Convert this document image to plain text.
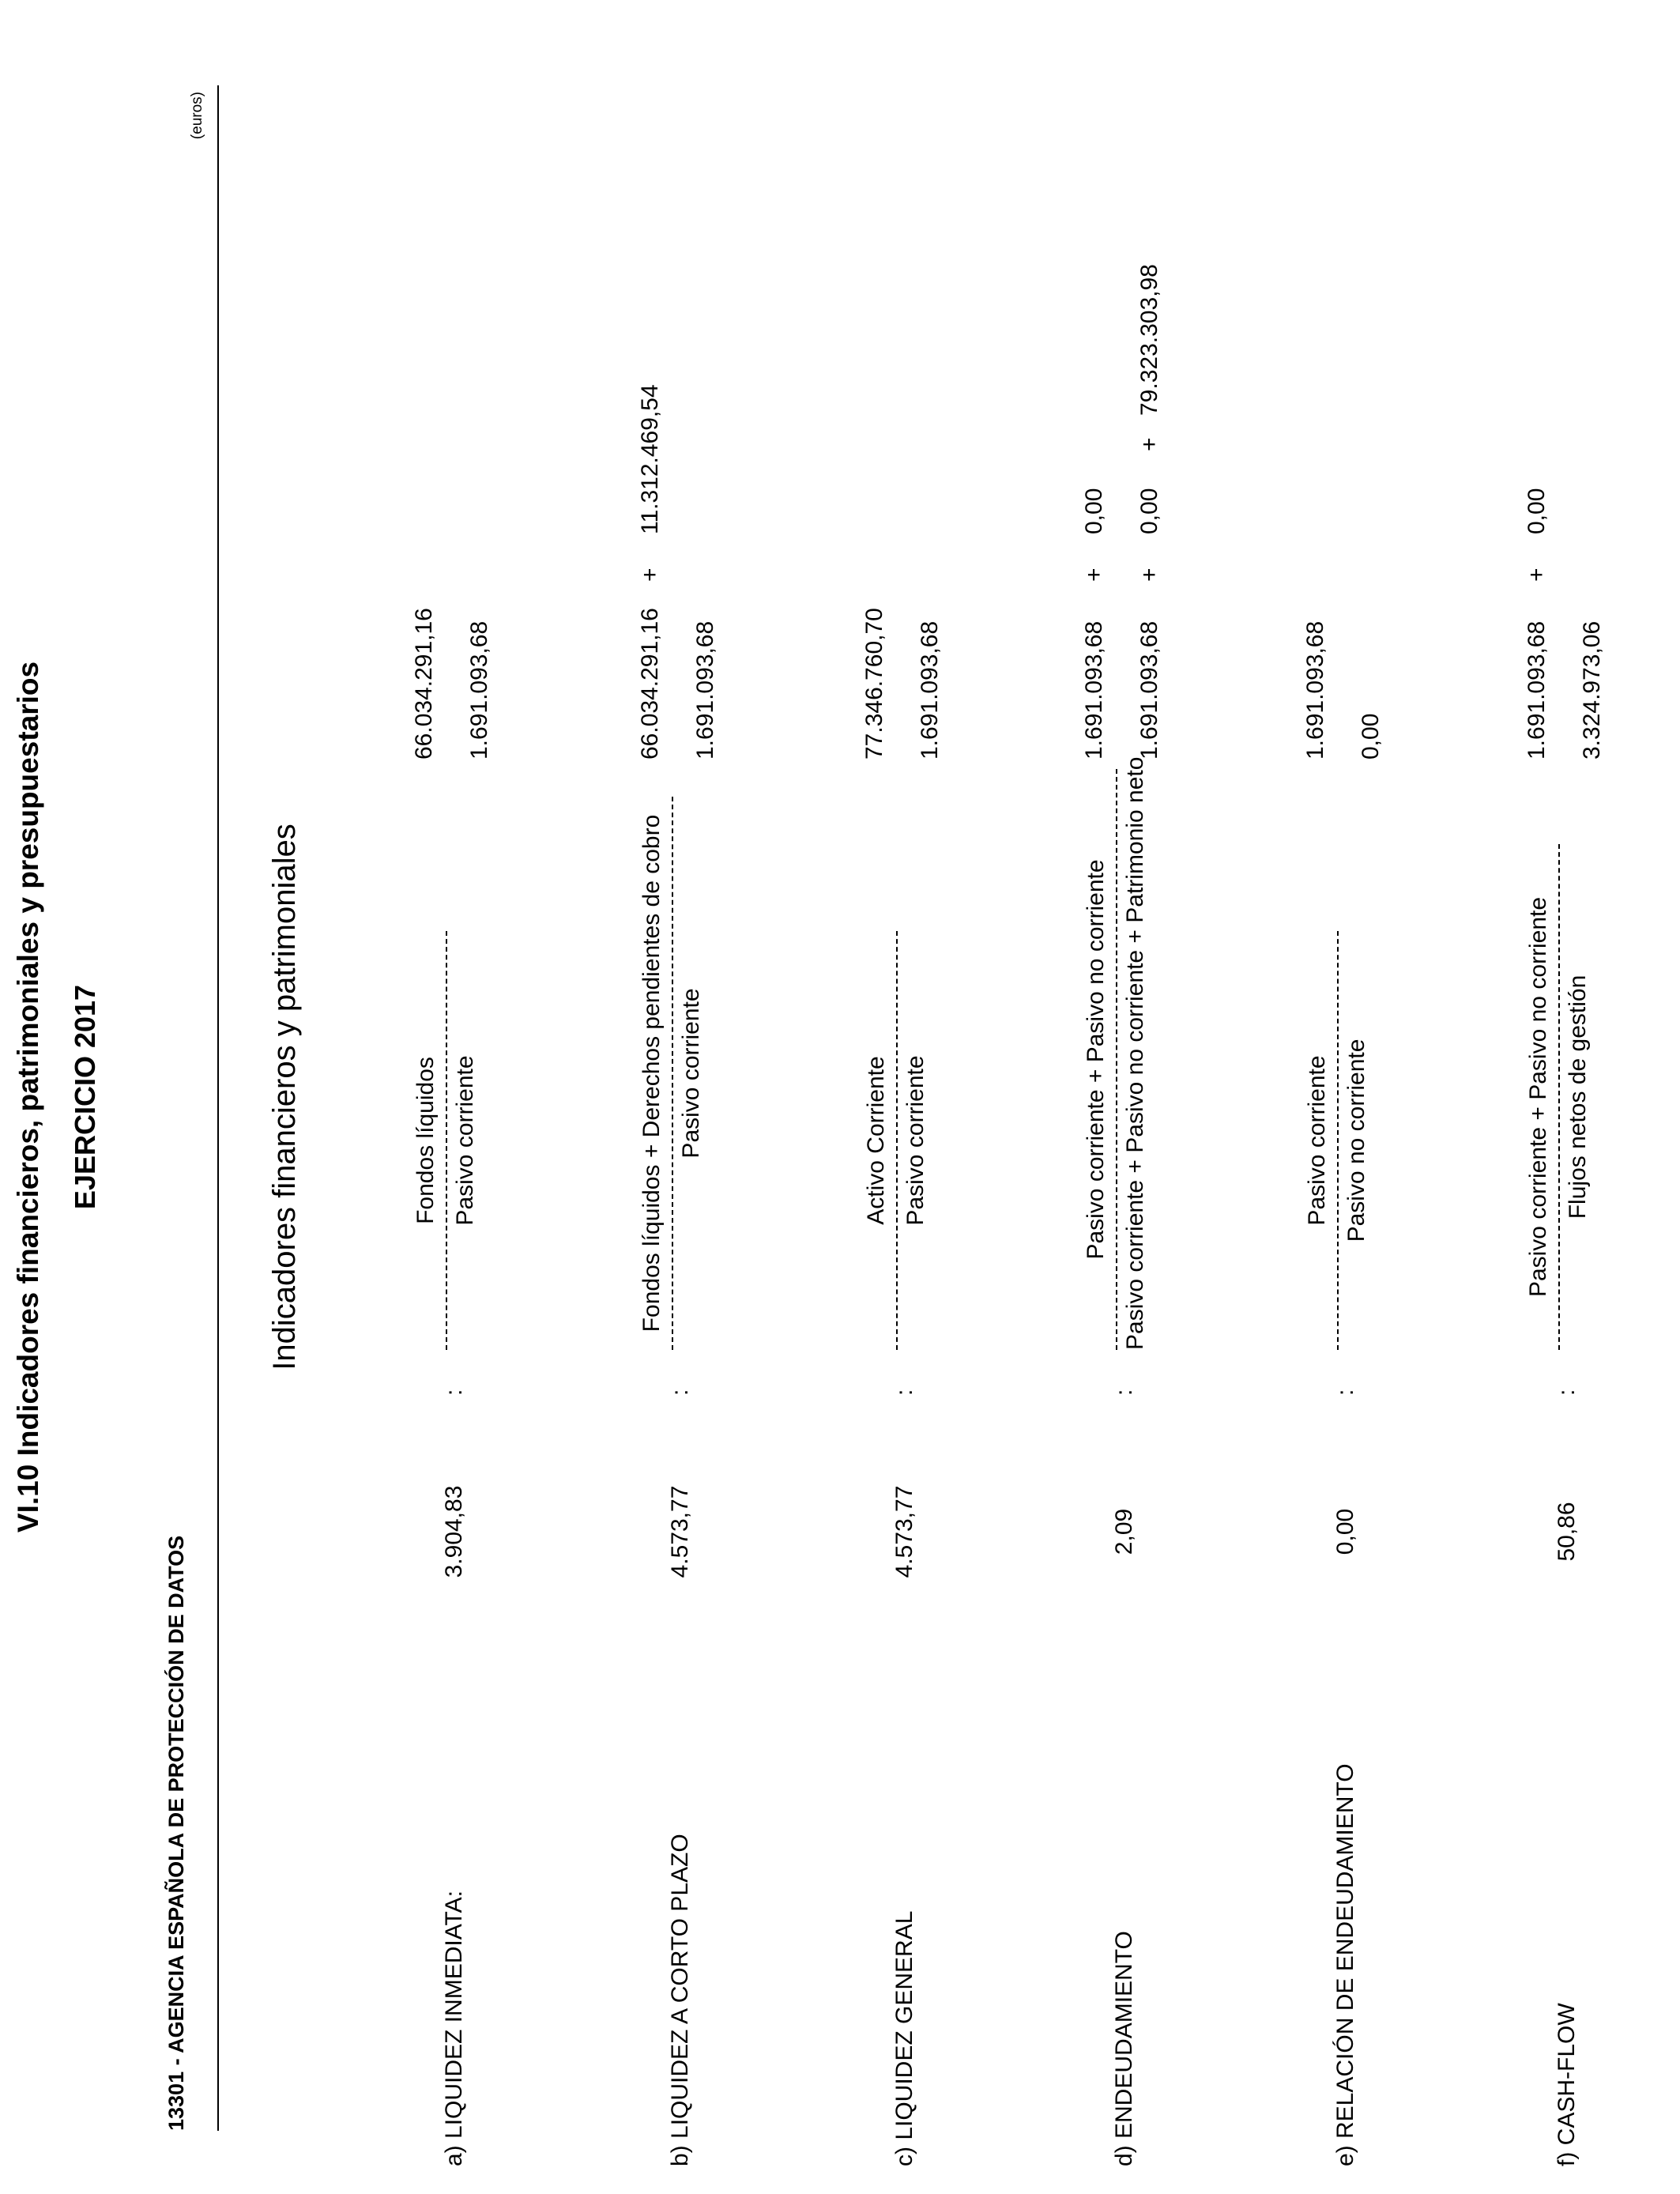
VI.10 Indicadores financieros, patrimoniales y presupuestarios EJERCICIO 2017
13301 - AGENCIA ESPAÑOLA DE PROTECCIÓN DE DATOS
(euros)
Indicadores financieros y patrimoniales
a) LIQUIDEZ INMEDIATA:
3.904,83
:
Fondos líquidos Pasivo corriente
66.034.291,16 1.691.093,68
b) LIQUIDEZ A CORTO PLAZO
4.573,77
:
Fondos líquidos + Derechos pendientes de cobro Pasivo corriente
66.034.291,16
+
11.312.469,54
1.691.093,68
c) LIQUIDEZ GENERAL
4.573,77
:
Activo Corriente Pasivo corriente
77.346.760,70 1.691.093,68
d) ENDEUDAMIENTO
2,09
:
Pasivo corriente + Pasivo no corriente Pasivo corriente + Pasivo no corriente + Patrimonio neto
1.691.093,68
+
0,00
1.691.093,68
+
0,00
+
79.323.303,98
e) RELACIÓN DE ENDEUDAMIENTO
0,00
:
Pasivo corriente Pasivo no corriente
1.691.093,68 0,00
f) CASH-FLOW
50,86
:
Pasivo corriente + Pasivo no corriente Flujos netos de gestión
1.691.093,68
+
0,00
3.324.973,06
